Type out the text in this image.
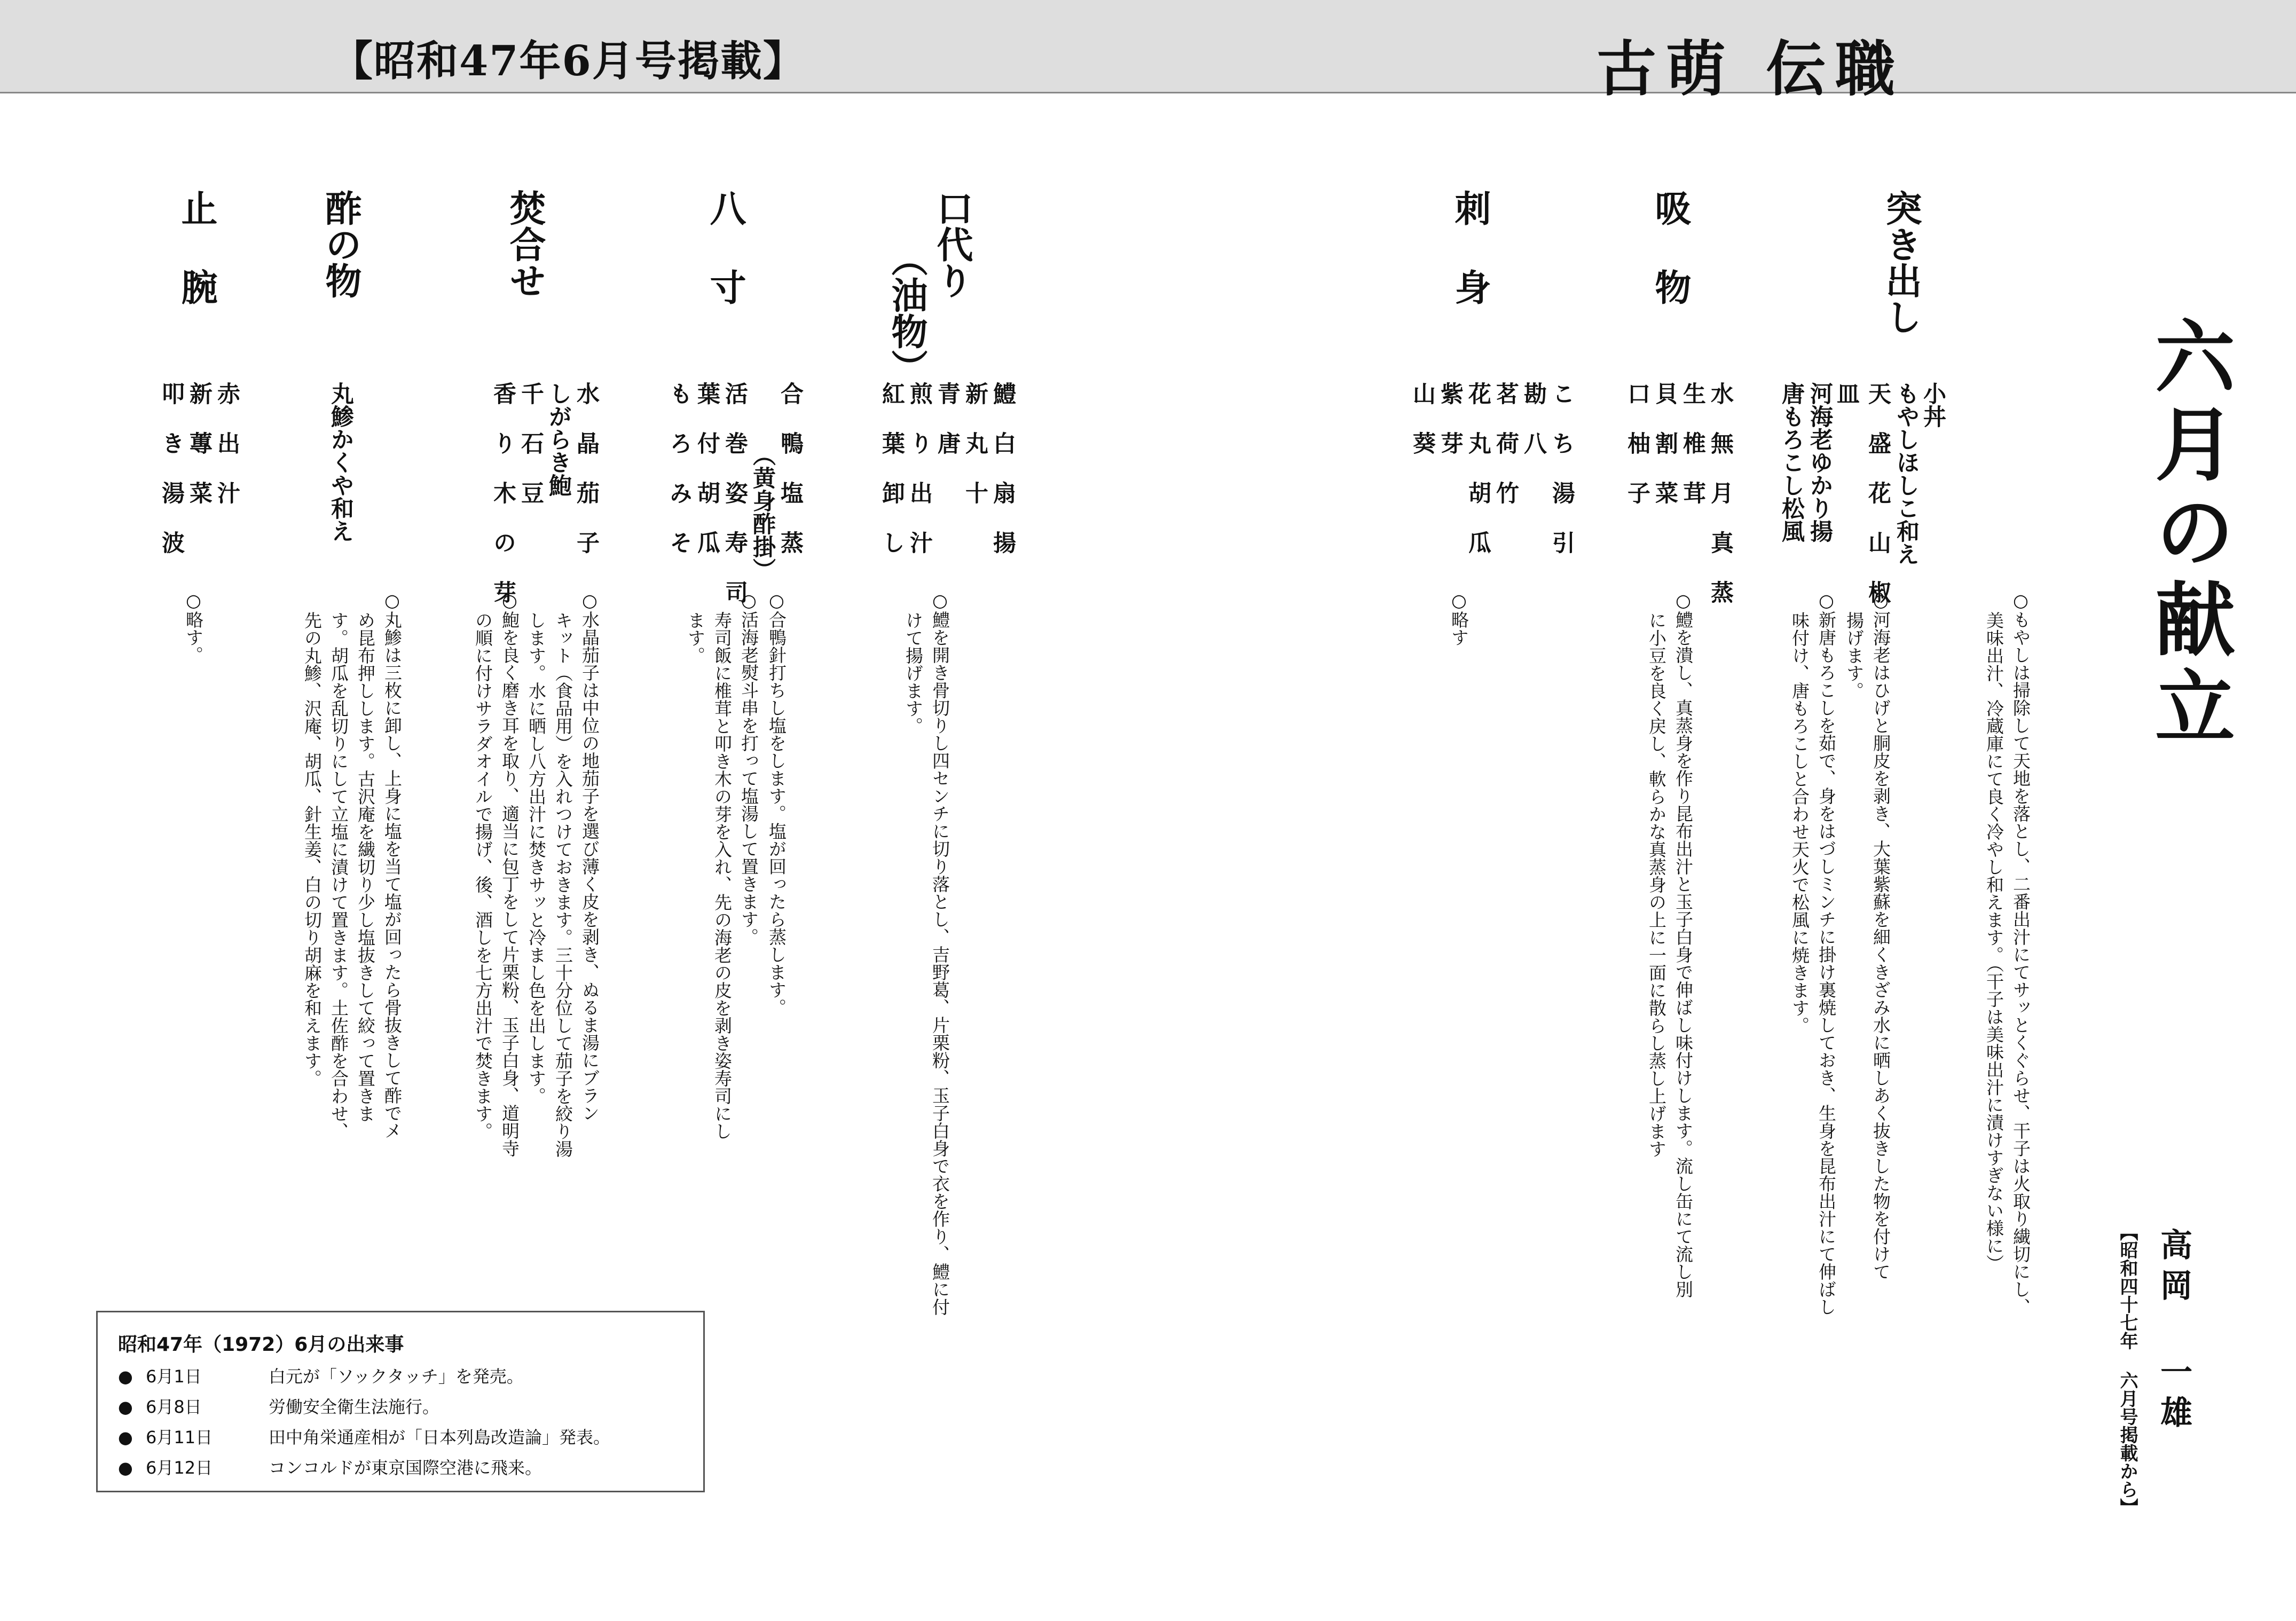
【昭和47年6月号掲載】	古萌 伝職
六月の献立
【昭和四十七年 六月号掲載から】 高岡 一雄
突き出し
小丼
もやしほしこ和え
天 盛 花 山 椒
皿
河海老ゆかり揚
唐もろこし松風
○もやしは掃除して天地を落とし、二番出汁にてサッとくぐらせ、干子は火取り繊切にし、
美味出汁、冷蔵庫にて良く冷やし和えます。（干子は美味出汁に漬けすぎない様に）
○河海老はひげと胴皮を剥き、大葉紫蘇を細くきざみ水に晒しあく抜きした物を付けて
揚げます。
○新唐もろこしを茹で、身をはづしミンチに掛け裏焼しておき、生身を昆布出汁にて伸ばし
味付け、唐もろこしと合わせ天火で松風に焼きます。
吸 物
水 無 月 真 蒸
生 椎 茸
貝 割 菜
口 柚 子
○鱧を潰し、真蒸身を作り昆布出汁と玉子白身で伸ばし味付けします。流し缶にて流し別
に小豆を良く戻し、軟らかな真蒸身の上に一面に散らし蒸し上げます
刺 身
こ ち 湯 引
勘 八
茗 荷 竹
花 丸 胡 瓜
紫 芽
山 葵
○略す
口代り
（油物）
鱧 白 扇 揚
新 丸 十
青 唐
煎 り 出 汁
紅 葉 卸 し
○鱧を開き骨切りし四センチに切り落とし、吉野葛、片栗粉、玉子白身で衣を作り、鱧に付
けて揚げます。
八 寸
合 鴨 塩 蒸
（黄身酢掛）
活 巻 姿 寿 司
葉 付 胡 瓜
も ろ み そ
○合鴨針打ちし塩をします。塩が回ったら蒸します。
○活海老熨斗串を打って塩湯して置きます。
寿司飯に椎茸と叩き木の芽を入れ、先の海老の皮を剥き姿寿司にし
ます。
焚合せ
水 晶 茄 子
しがらき鮑
千 石 豆
香 り 木 の 芽
○水晶茄子は中位の地茄子を選び薄く皮を剥き、ぬるま湯にブラン
キット（食品用）を入れつけておきます。三十分位して茄子を絞り湯
します。水に晒し八方出汁に焚きサッと冷まし色を出します。
○鮑を良く磨き耳を取り、適当に包丁をして片栗粉、玉子白身、道明寺
の順に付けサラダオイルで揚げ、後、酒しを七方出汁で焚きます。
酢の物
丸鯵かくや和え
○丸鯵は三枚に卸し、上身に塩を当て塩が回ったら骨抜きして酢でメ
め昆布押しします。古沢庵を繊切り少し塩抜きして絞って置きま
す。胡瓜を乱切りにして立塩に漬けて置きます。土佐酢を合わせ、
先の丸鯵、沢庵、胡瓜、針生姜、白の切り胡麻を和えます。
止 腕
赤 出 汁
新 蓴 菜
叩 き 湯 波
○略す。
昭和47年（1972）6月の出来事
● 6月1日	白元が「ソックタッチ」を発売。
● 6月8日	労働安全衛生法施行。
● 6月11日	田中角栄通産相が「日本列島改造論」発表。
● 6月12日	コンコルドが東京国際空港に飛来。
